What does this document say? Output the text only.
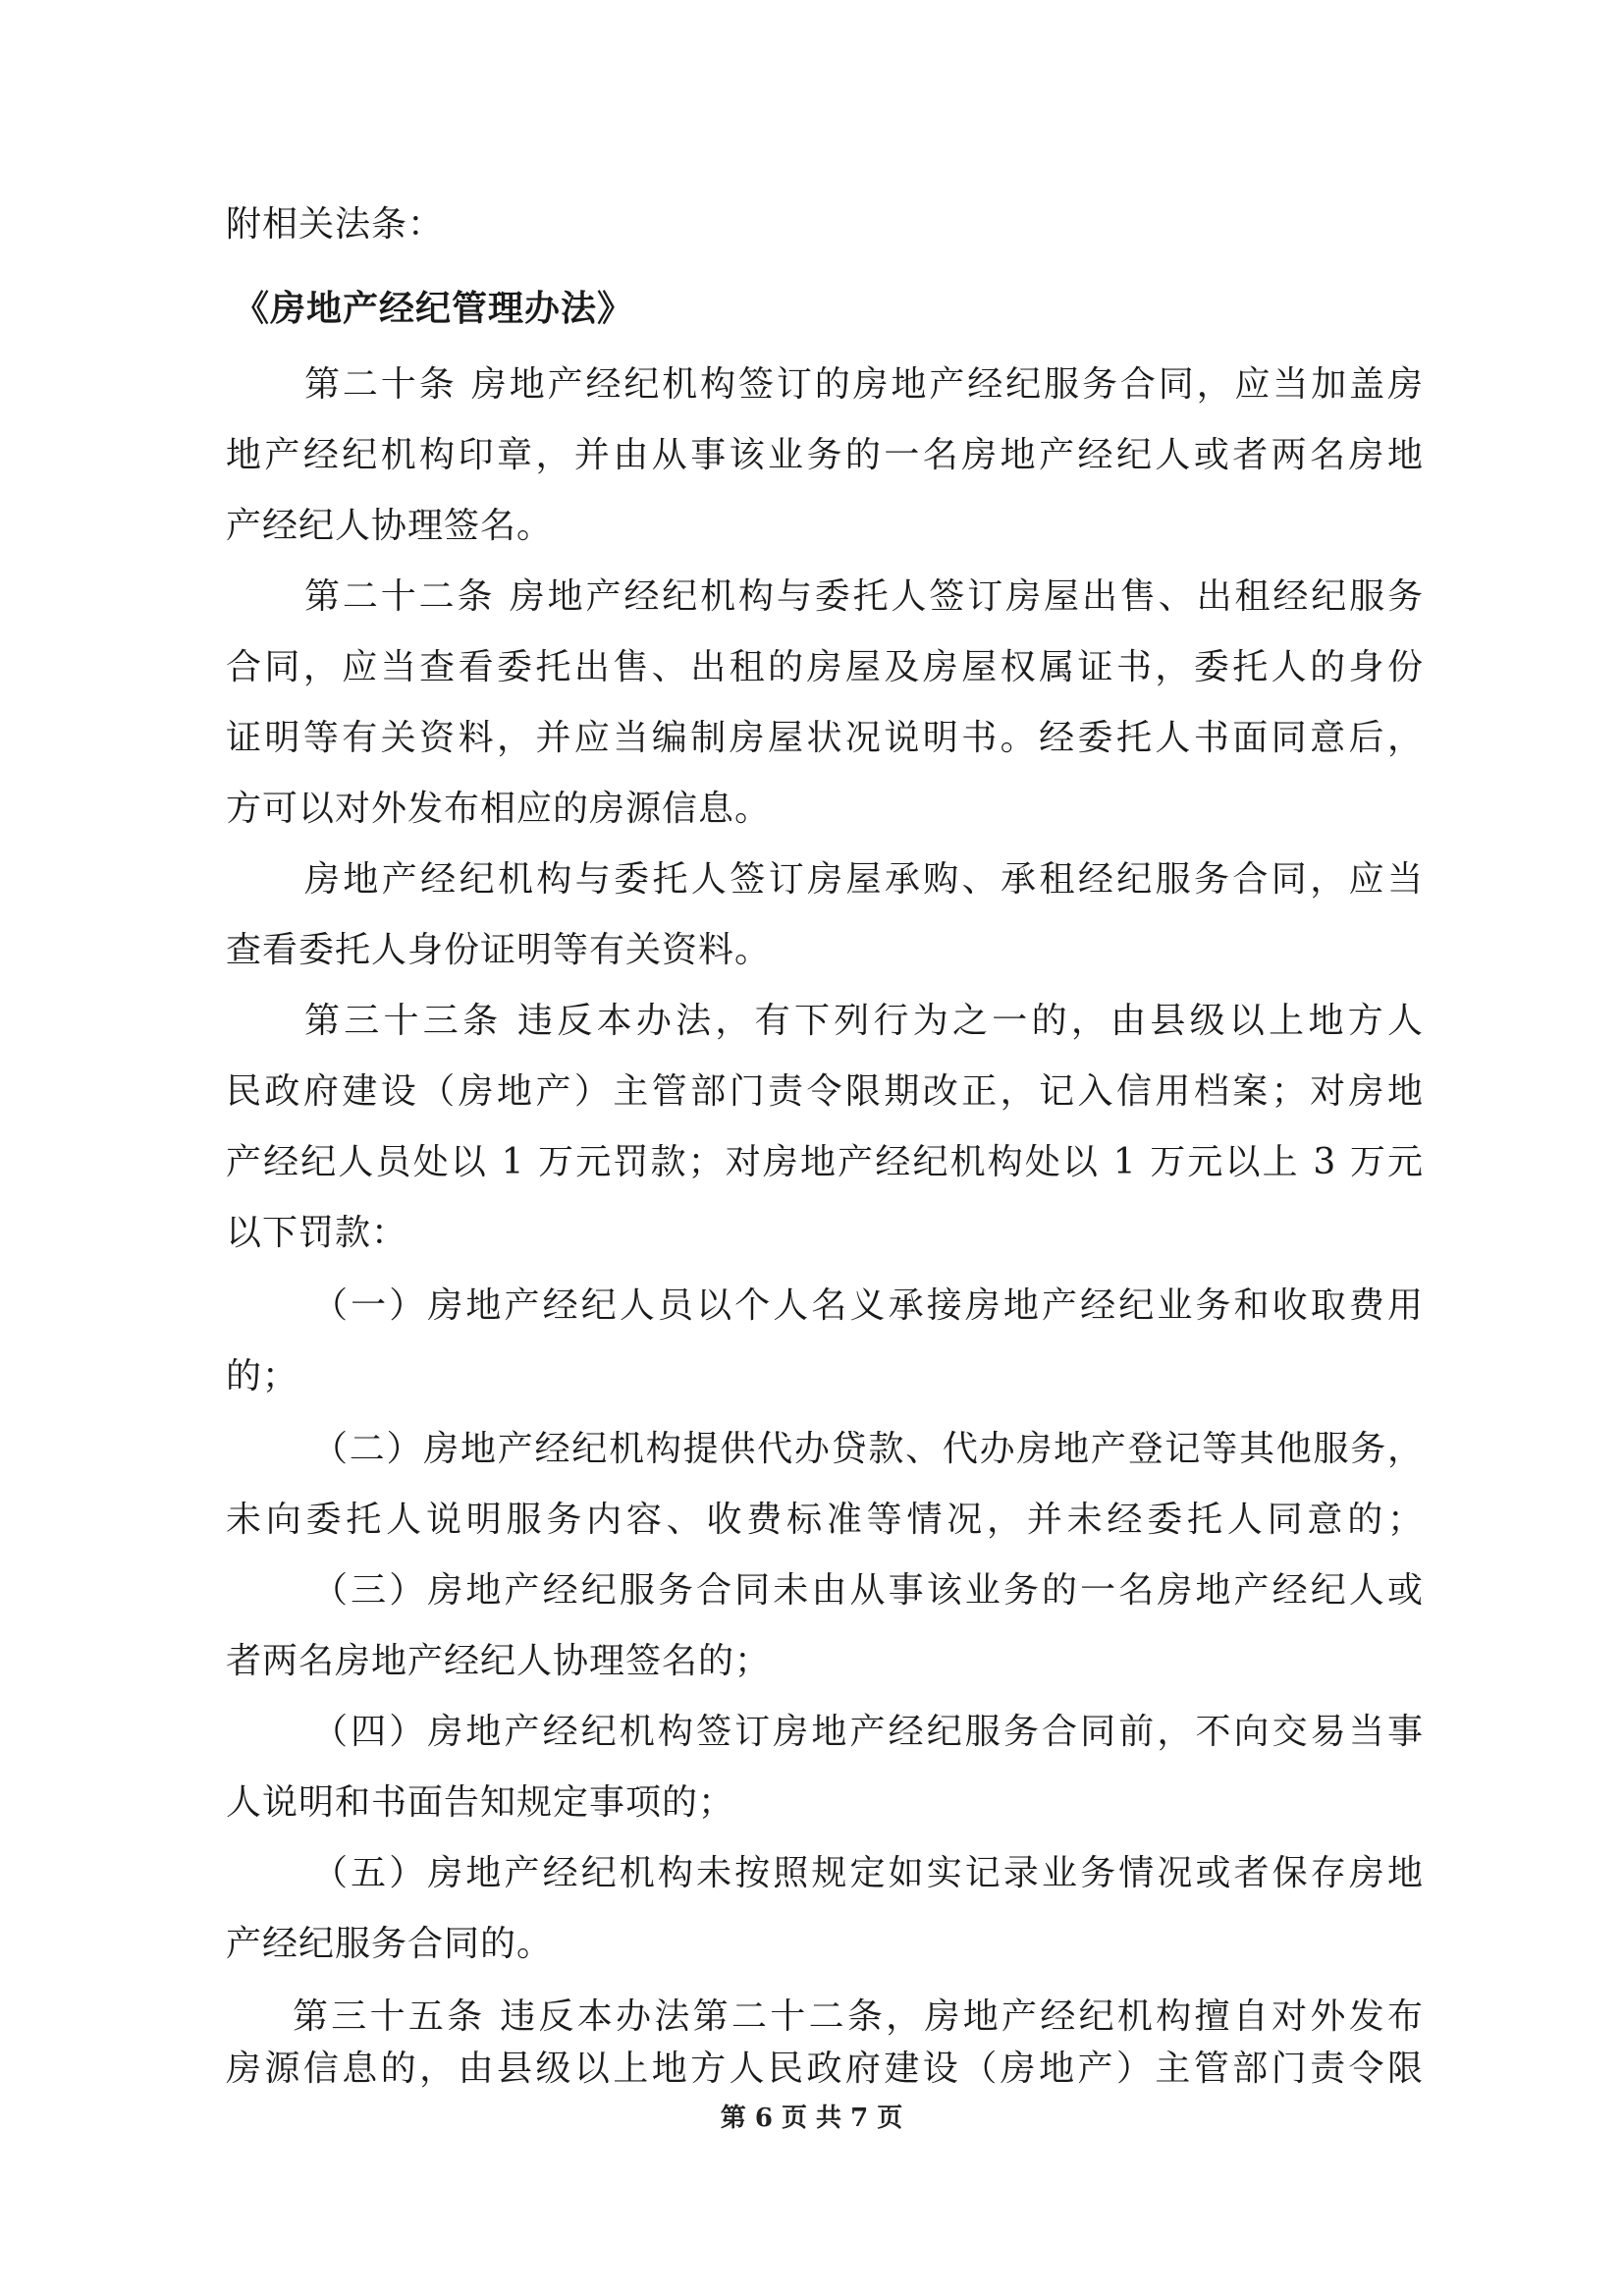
附相关法条：
《房地产经纪管理办法》
第二十条 房地产经纪机构签订的房地产经纪服务合同，应当加盖房
地产经纪机构印章，并由从事该业务的一名房地产经纪人或者两名房地
产经纪人协理签名。
第二十二条 房地产经纪机构与委托人签订房屋出售、出租经纪服务
合同，应当查看委托出售、出租的房屋及房屋权属证书，委托人的身份
证明等有关资料，并应当编制房屋状况说明书。经委托人书面同意后，
方可以对外发布相应的房源信息。
房地产经纪机构与委托人签订房屋承购、承租经纪服务合同，应当
查看委托人身份证明等有关资料。
第三十三条 违反本办法，有下列行为之一的，由县级以上地方人
民政府建设（房地产）主管部门责令限期改正，记入信用档案；对房地
产经纪人员处以 1 万元罚款；对房地产经纪机构处以 1 万元以上 3 万元
以下罚款：
（一）房地产经纪人员以个人名义承接房地产经纪业务和收取费用
的；
（二）房地产经纪机构提供代办贷款、代办房地产登记等其他服务，
未向委托人说明服务内容、收费标准等情况，并未经委托人同意的；
（三）房地产经纪服务合同未由从事该业务的一名房地产经纪人或
者两名房地产经纪人协理签名的；
（四）房地产经纪机构签订房地产经纪服务合同前，不向交易当事
人说明和书面告知规定事项的；
（五）房地产经纪机构未按照规定如实记录业务情况或者保存房地
产经纪服务合同的。
第三十五条 违反本办法第二十二条，房地产经纪机构擅自对外发布
房源信息的，由县级以上地方人民政府建设（房地产）主管部门责令限
第 6 页 共 7 页
